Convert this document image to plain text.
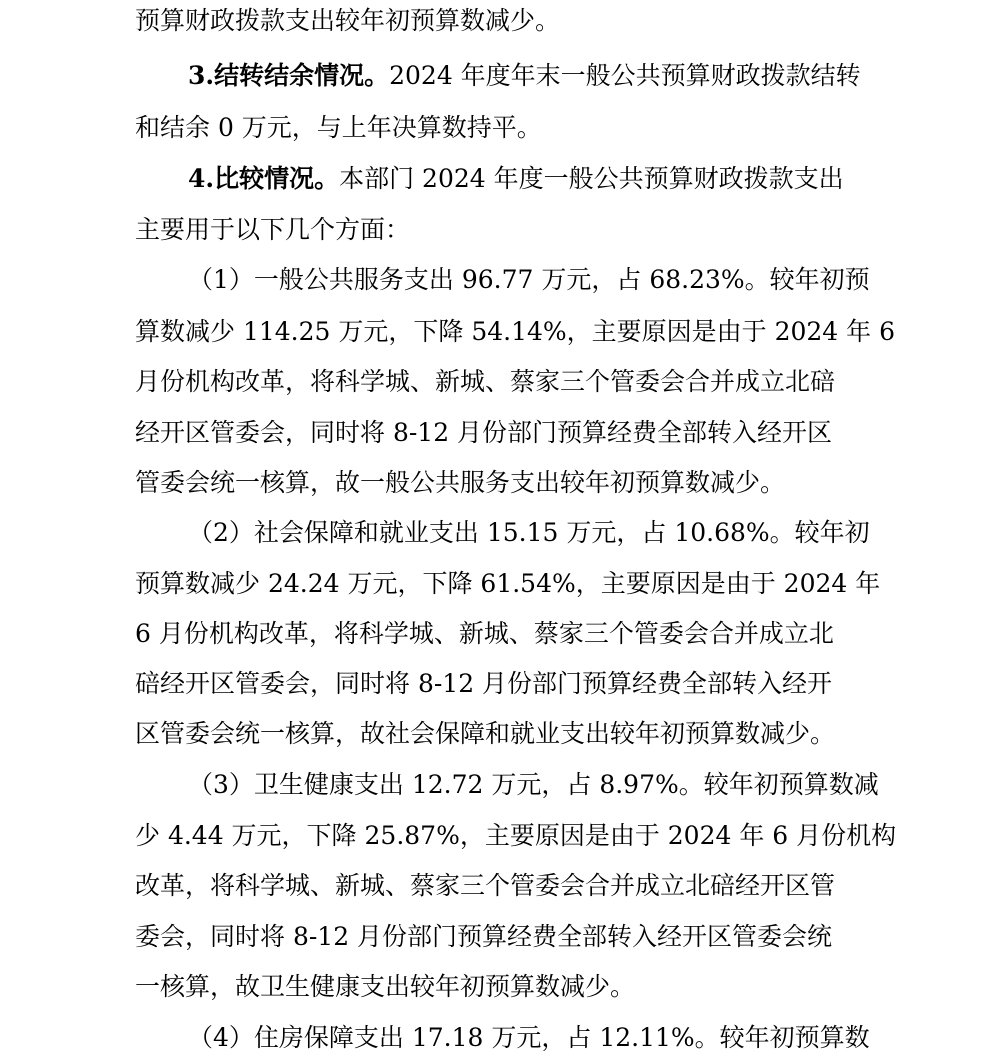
预算财政拨款支出较年初预算数减少。
3.结转结余情况。2024 年度年末一般公共预算财政拨款结转
和结余 0 万元，与上年决算数持平。
4.比较情况。本部门 2024 年度一般公共预算财政拨款支出
主要用于以下几个方面：
（1）一般公共服务支出 96.77 万元，占 68.23%。较年初预
算数减少 114.25 万元，下降 54.14%，主要原因是由于 2024 年 6
月份机构改革，将科学城、新城、蔡家三个管委会合并成立北碚
经开区管委会，同时将 8-12 月份部门预算经费全部转入经开区
管委会统一核算，故一般公共服务支出较年初预算数减少。
（2）社会保障和就业支出 15.15 万元，占 10.68%。较年初
预算数减少 24.24 万元，下降 61.54%，主要原因是由于 2024 年
6 月份机构改革，将科学城、新城、蔡家三个管委会合并成立北
碚经开区管委会，同时将 8-12 月份部门预算经费全部转入经开
区管委会统一核算，故社会保障和就业支出较年初预算数减少。
（3）卫生健康支出 12.72 万元，占 8.97%。较年初预算数减
少 4.44 万元，下降 25.87%，主要原因是由于 2024 年 6 月份机构
改革，将科学城、新城、蔡家三个管委会合并成立北碚经开区管
委会，同时将 8-12 月份部门预算经费全部转入经开区管委会统
一核算，故卫生健康支出较年初预算数减少。
（4）住房保障支出 17.18 万元，占 12.11%。较年初预算数
